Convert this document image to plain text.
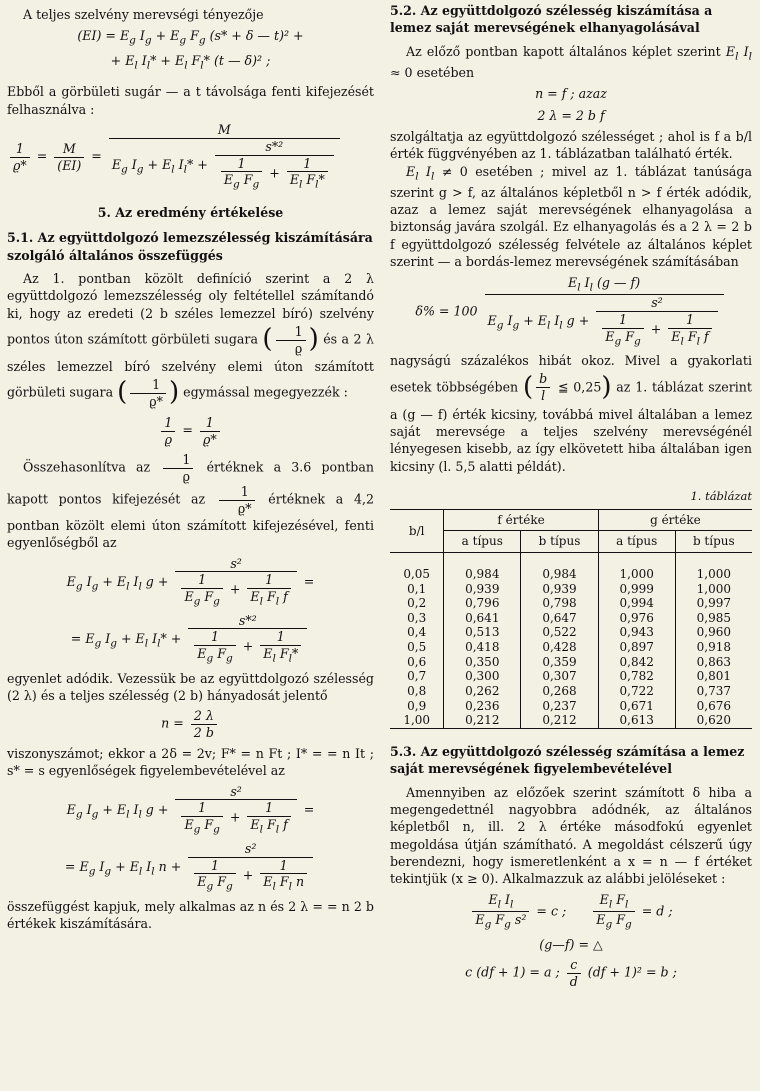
A teljes szelvény merevségi tényezője

$(EI) = E_g$ $I_g + E_g$ $F_g$ (s* + δ — t)² +
+ $E_l$ $I_l* + E_l$ $F_l*$ (t — δ)² ;

Ebből a görbületi sugár — a t távolsága fenti kifejezését felhasználva :

$\frac{1}{ϱ*} = \frac{M}{(EI)} = \frac{M}{E_g I_g + E_l I_l* + \frac{\text{s*²}}{\frac{1}{E_g F_g} + \frac{1}{E_l F_l*}}}$
5. Az eredmény értékelése
5.1. Az együttdolgozó lemezszélesség kiszámítására szolgáló általános összefüggés

Az 1. pontban közölt definíció szerint a 2 λ együttdolgozó lemezszélesség oly feltétellel számítandó ki, hogy az eredeti (2 b széles lemezzel bíró) szelvény pontos úton számított görbületi sugara ( $\frac{1}{ϱ}$ ) és a 2 λ széles lemezzel bíró szelvény elemi úton számított görbületi sugara ( $\frac{1}{ϱ*}$ ) egymással megegyezzék :

$\frac{1}{ϱ} = \frac{1}{ϱ*}$

Összehasonlítva az $\frac{1}{ϱ}$ értéknek a 3.6 pontban kapott pontos kifejezését az $\frac{1}{ϱ*}$ értéknek a 4,2 pontban közölt elemi úton számított kifejezésével, fenti egyenlőségből az

$E_g$ $I_g + E_l$ $I_l$ $g + \frac{\text{s²}}{\frac{1}{E_g F_g} + \frac{1}{E_l F_l f}}$ =
= $E_g$ $I_g + E_l$ $I_l* + \frac{\text{s*²}}{\frac{1}{E_g F_g} + \frac{1}{E_l F_l*}}$

egyenlet adódik. Vezessük be az együttdolgozó szélesség (2 λ) és a teljes szélesség (2 b) hányadosát jelentő

$n = \frac{2 \lambda}{2 b}$

viszonyszámot; ekkor a 2δ = 2v; F* = n Ft ; I* = = n It ; s* = s egyenlőségek figyelembevételével az

$E_g$ $I_g + E_l$ $I_l$ $g + \frac{\text{s²}}{\frac{1}{E_g F_g} + \frac{1}{E_l F_l f}}$ =
= $E_g$ $I_g + E_l$ $I_l$ $n + \frac{\text{s²}}{\frac{1}{E_g F_g} + \frac{1}{E_l F_l n}}$

összefüggést kapjuk, mely alkalmas az n és 2 λ = = n 2 b értékek kiszámítására.

5.2. Az együttdolgozó szélesség kiszámítása a lemez saját merevségének elhanyagolásával

Az előző pontban kapott általános képlet szerint $E_l$ $I_l \approx 0$ esetében

n = f ; azaz
2 λ = 2 b f

szolgáltatja az együttdolgozó szélességet ; ahol is f a b/l érték függvényében az 1. táblázatban található érték.

$E_l$ $I_l \ne 0$ esetében ; mivel az 1. táblázat tanúsága szerint g > f, az általános képletből n > f érték adódik, azaz a lemez saját merevségének elhanyagolása a biztonság javára szolgál. Ez elhanyagolás és a 2 λ = 2 b f együttdolgozó szélesség felvétele az általános képlet szerint — a bordás-lemez merevségének számításában

$\delta\% = 100 \frac{E_l I_l (g — f)}{E_g I_g + E_l I_l g + \frac{\text{s²}}{\frac{1}{E_g F_g} + \frac{1}{E_l F_l f}}}$

nagyságú százalékos hibát okoz. Mivel a gyakorlati esetek többségében ( $\frac{b}{l}$ ≦ 0,25) az 1. táblázat szerint a (g — f) érték kicsiny, továbbá mivel általában a lemez saját merevsége a teljes szelvény merevségénél lényegesen kisebb, az így elkövetett hiba általában igen kicsiny (l. 5,5 alatti példát).

1. táblázat
b/l	f értéke		g értéke	
	a típus	b típus	a típus	b típus
0,05	0,984	0,984	1,000	1,000
0,1	0,939	0,939	0,999	1,000
0,2	0,796	0,798	0,994	0,997
0,3	0,641	0,647	0,976	0,985
0,4	0,513	0,522	0,943	0,960
0,5	0,418	0,428	0,897	0,918
0,6	0,350	0,359	0,842	0,863
0,7	0,300	0,307	0,782	0,801
0,8	0,262	0,268	0,722	0,737
0,9	0,236	0,237	0,671	0,676
1,00	0,212	0,212	0,613	0,620
5.3. Az együttdolgozó szélesség számítása a lemez saját merevségének figyelembevételével

Amennyiben az előzőek szerint számított δ hiba a megengedettnél nagyobbra adódnék, az általános képletből n, ill. 2 λ értéke másodfokú egyenlet megoldása útján számítható. A megoldást célszerű úgy berendezni, hogy ismeretlenként a x = n — f értéket tekintjük (x ≥ 0). Alkalmazzuk az alábbi jelöléseket :

$\frac{E_l I_l}{E_g F_g s^2} = c$ ; $\frac{E_l F_l}{E_g F_g} = d$ ;
(g—f) = △
c (df + 1) = a ; $\frac{c}{d} (df + 1)^2 = b$ ;
